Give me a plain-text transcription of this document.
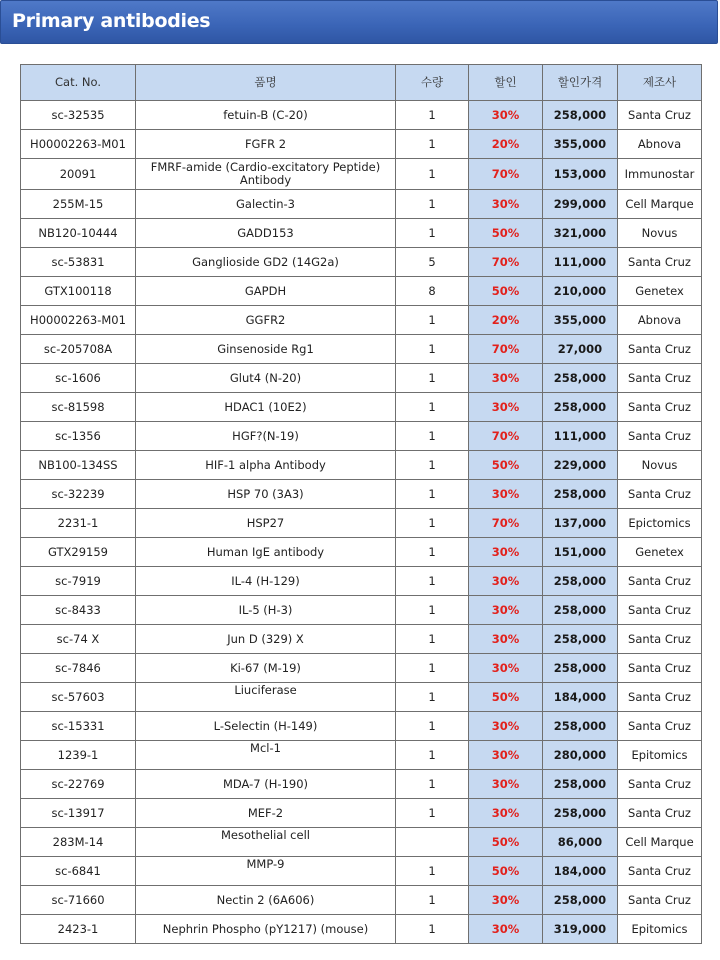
Primary antibodies
Cat. No.	품명	수량	할인	할인가격	제조사
sc-32535	fetuin-B (C-20)	1	30%	258,000	Santa Cruz
H00002263-M01	FGFR 2	1	20%	355,000	Abnova
20091	FMRF-amide (Cardio-excitatory Peptide) Antibody	1	70%	153,000	Immunostar
255M-15	Galectin-3	1	30%	299,000	Cell Marque
NB120-10444	GADD153	1	50%	321,000	Novus
sc-53831	Ganglioside GD2 (14G2a)	5	70%	111,000	Santa Cruz
GTX100118	GAPDH	8	50%	210,000	Genetex
H00002263-M01	GGFR2	1	20%	355,000	Abnova
sc-205708A	Ginsenoside Rg1	1	70%	27,000	Santa Cruz
sc-1606	Glut4 (N-20)	1	30%	258,000	Santa Cruz
sc-81598	HDAC1 (10E2)	1	30%	258,000	Santa Cruz
sc-1356	HGF?(N-19)	1	70%	111,000	Santa Cruz
NB100-134SS	HIF-1 alpha Antibody	1	50%	229,000	Novus
sc-32239	HSP 70 (3A3)	1	30%	258,000	Santa Cruz
2231-1	HSP27	1	70%	137,000	Epictomics
GTX29159	Human IgE antibody	1	30%	151,000	Genetex
sc-7919	IL-4 (H-129)	1	30%	258,000	Santa Cruz
sc-8433	IL-5 (H-3)	1	30%	258,000	Santa Cruz
sc-74 X	Jun D (329) X	1	30%	258,000	Santa Cruz
sc-7846	Ki-67 (M-19)	1	30%	258,000	Santa Cruz
sc-57603	Liuciferase	1	50%	184,000	Santa Cruz
sc-15331	L-Selectin (H-149)	1	30%	258,000	Santa Cruz
1239-1	Mcl-1	1	30%	280,000	Epitomics
sc-22769	MDA-7 (H-190)	1	30%	258,000	Santa Cruz
sc-13917	MEF-2	1	30%	258,000	Santa Cruz
283M-14	Mesothelial cell		50%	86,000	Cell Marque
sc-6841	MMP-9	1	50%	184,000	Santa Cruz
sc-71660	Nectin 2 (6A606)	1	30%	258,000	Santa Cruz
2423-1	Nephrin Phospho (pY1217) (mouse)	1	30%	319,000	Epitomics
